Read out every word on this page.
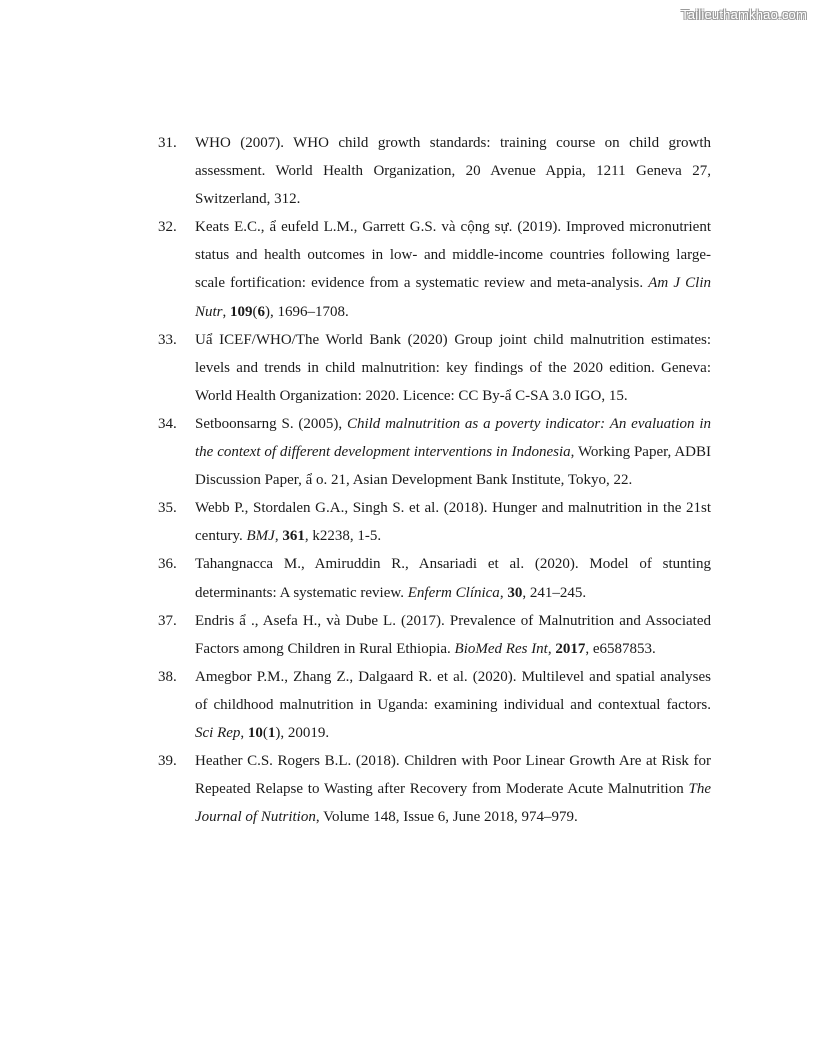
Tailieuthamkhao.com
31. WHO (2007). WHO child growth standards: training course on child growth assessment. World Health Organization, 20 Avenue Appia, 1211 Geneva 27, Switzerland, 312.
32. Keats E.C., ẩ eufeld L.M., Garrett G.S. và cộng sự. (2019). Improved micronutrient status and health outcomes in low- and middle-income countries following large-scale fortification: evidence from a systematic review and meta-analysis. Am J Clin Nutr, 109(6), 1696–1708.
33. Uẩ ICEF/WHO/The World Bank (2020) Group joint child malnutrition estimates: levels and trends in child malnutrition: key findings of the 2020 edition. Geneva: World Health Organization: 2020. Licence: CC By-ẩ C-SA 3.0 IGO, 15.
34. Setboonsarng S. (2005), Child malnutrition as a poverty indicator: An evaluation in the context of different development interventions in Indonesia, Working Paper, ADBI Discussion Paper, ẩ o. 21, Asian Development Bank Institute, Tokyo, 22.
35. Webb P., Stordalen G.A., Singh S. et al. (2018). Hunger and malnutrition in the 21st century. BMJ, 361, k2238, 1-5.
36. Tahangnacca M., Amiruddin R., Ansariadi et al. (2020). Model of stunting determinants: A systematic review. Enferm Clínica, 30, 241–245.
37. Endris ẩ ., Asefa H., và Dube L. (2017). Prevalence of Malnutrition and Associated Factors among Children in Rural Ethiopia. BioMed Res Int, 2017, e6587853.
38. Amegbor P.M., Zhang Z., Dalgaard R. et al. (2020). Multilevel and spatial analyses of childhood malnutrition in Uganda: examining individual and contextual factors. Sci Rep, 10(1), 20019.
39. Heather C.S. Rogers B.L. (2018). Children with Poor Linear Growth Are at Risk for Repeated Relapse to Wasting after Recovery from Moderate Acute Malnutrition The Journal of Nutrition, Volume 148, Issue 6, June 2018, 974–979.
